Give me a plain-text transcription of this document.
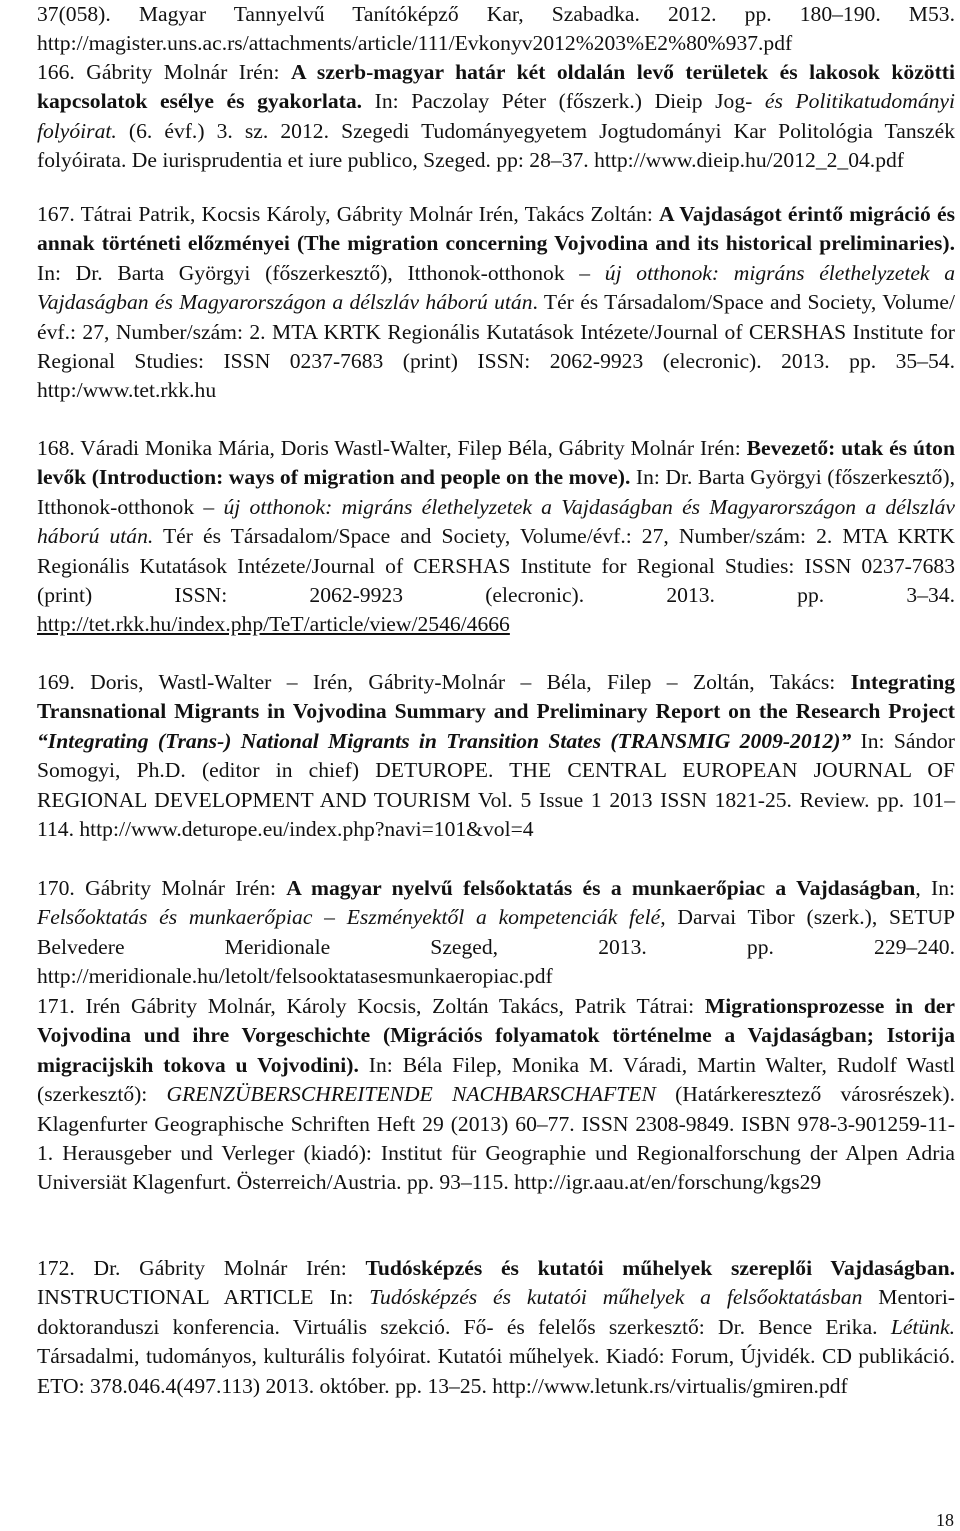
37(058). Magyar Tannyelvű Tanítóképző Kar, Szabadka. 2012. pp. 180–190. M53. http://magister.uns.ac.rs/attachments/article/111/Evkonyv2012%203%E2%80%937.pdf
166. Gábrity Molnár Irén: A szerb-magyar határ két oldalán levő területek és lakosok közötti kapcsolatok esélye és gyakorlata. In: Paczolay Péter (főszerk.) Dieip Jog- és Politikatudományi folyóirat. (6. évf.) 3. sz. 2012. Szegedi Tudományegyetem Jogtudományi Kar Politológia Tanszék folyóirata. De iurisprudentia et iure publico, Szeged. pp: 28–37. http://www.dieip.hu/2012_2_04.pdf
167. Tátrai Patrik, Kocsis Károly, Gábrity Molnár Irén, Takács Zoltán: A Vajdaságot érintő migráció és annak történeti előzményei (The migration concerning Vojvodina and its historical preliminaries). In: Dr. Barta Györgyi (főszerkesztő), Itthonok-otthonok – új otthonok: migráns élethelyzetek a Vajdaságban és Magyarországon a délszláv háború után. Tér és Társadalom/Space and Society, Volume/évf.: 27, Number/szám: 2. MTA KRTK Regionális Kutatások Intézete/Journal of CERSHAS Institute for Regional Studies: ISSN 0237-7683 (print) ISSN: 2062-9923 (elecronic). 2013. pp. 35–54. http:/www.tet.rkk.hu
168. Váradi Monika Mária, Doris Wastl-Walter, Filep Béla, Gábrity Molnár Irén: Bevezető: utak és úton levők (Introduction: ways of migration and people on the move). In: Dr. Barta Györgyi (főszerkesztő), Itthonok-otthonok – új otthonok: migráns élethelyzetek a Vajdaságban és Magyarországon a délszláv háború után. Tér és Társadalom/Space and Society, Volume/évf.: 27, Number/szám: 2. MTA KRTK Regionális Kutatások Intézete/Journal of CERSHAS Institute for Regional Studies: ISSN 0237-7683 (print) ISSN: 2062-9923 (elecronic). 2013. pp. 3–34. http://tet.rkk.hu/index.php/TeT/article/view/2546/4666
169. Doris, Wastl-Walter – Irén, Gábrity-Molnár – Béla, Filep – Zoltán, Takács: Integrating Transnational Migrants in Vojvodina Summary and Preliminary Report on the Research Project “Integrating (Trans-) National Migrants in Transition States (TRANSMIG 2009-2012)” In: Sándor Somogyi, Ph.D. (editor in chief) DETUROPE. THE CENTRAL EUROPEAN JOURNAL OF REGIONAL DEVELOPMENT AND TOURISM Vol. 5 Issue 1 2013 ISSN 1821-25. Review. pp. 101–114. http://www.deturope.eu/index.php?navi=101&vol=4
170. Gábrity Molnár Irén: A magyar nyelvű felsőoktatás és a munkaerőpiac a Vajdaságban, In: Felsőoktatás és munkaerőpiac – Eszményektől a kompetenciák felé, Darvai Tibor (szerk.), SETUP Belvedere Meridionale Szeged, 2013. pp. 229–240. http://meridionale.hu/letolt/felsooktatasesmunkaeropiac.pdf
171. Irén Gábrity Molnár, Károly Kocsis, Zoltán Takács, Patrik Tátrai: Migrationsprozesse in der Vojvodina und ihre Vorgeschichte (Migrációs folyamatok történelme a Vajdaságban; Istorija migracijskih tokova u Vojvodini). In: Béla Filep, Monika M. Váradi, Martin Walter, Rudolf Wastl (szerkesztő): GRENZÜBERSCHREITENDE NACHBARSCHAFTEN (Határkeresztező városrészek). Klagenfurter Geographische Schriften Heft 29 (2013) 60–77. ISSN 2308-9849. ISBN 978-3-901259-11-1. Herausgeber und Verleger (kiadó): Institut für Geographie und Regionalforschung der Alpen Adria Universiät Klagenfurt. Österreich/Austria. pp. 93–115. http://igr.aau.at/en/forschung/kgs29
172. Dr. Gábrity Molnár Irén: Tudósképzés és kutatói műhelyek szereplői Vajdaságban. INSTRUCTIONAL ARTICLE In: Tudósképzés és kutatói műhelyek a felsőoktatásban Mentori-doktoranduszi konferencia. Virtuális szekció. Fő- és felelős szerkesztő: Dr. Bence Erika. Létünk. Társadalmi, tudományos, kulturális folyóirat. Kutatói műhelyek. Kiadó: Forum, Újvidék. CD publikáció. ETO: 378.046.4(497.113) 2013. október. pp. 13–25. http://www.letunk.rs/virtualis/gmiren.pdf
18
